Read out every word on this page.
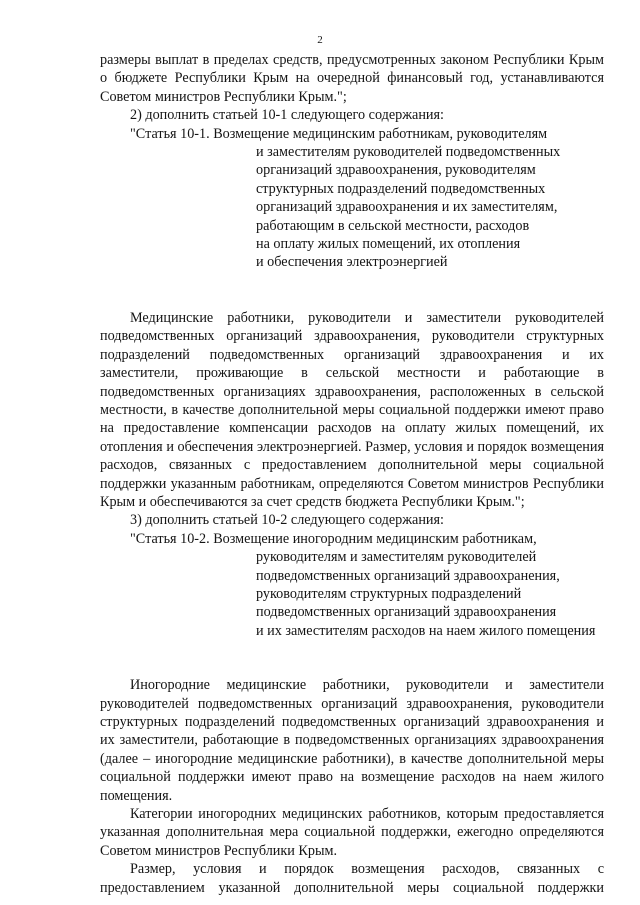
2

размеры выплат в пределах средств, предусмотренных законом Республики Крым о бюджете Республики Крым на очередной финансовый год, устанавливаются Советом министров Республики Крым.";

2) дополнить статьей 10-1 следующего содержания:

"Статья 10-1. Возмещение медицинским работникам, руководителям
и заместителям руководителей подведомственных
организаций здравоохранения, руководителям
структурных подразделений подведомственных
организаций здравоохранения и их заместителям,
работающим в сельской местности, расходов
на оплату жилых помещений, их отопления
и обеспечения электроэнергией

Медицинские работники, руководители и заместители руководителей подведомственных организаций здравоохранения, руководители структурных подразделений подведомственных организаций здравоохранения и их заместители, проживающие в сельской местности и работающие в подведомственных организациях здравоохранения, расположенных в сельской местности, в качестве дополнительной меры социальной поддержки имеют право на предоставление компенсации расходов на оплату жилых помещений, их отопления и обеспечения электроэнергией. Размер, условия и порядок возмещения расходов, связанных с предоставлением дополнительной меры социальной поддержки указанным работникам, определяются Советом министров Республики Крым и обеспечиваются за счет средств бюджета Республики Крым.";

3) дополнить статьей 10-2 следующего содержания:

"Статья 10-2. Возмещение иногородним медицинским работникам,
руководителям и заместителям руководителей
подведомственных организаций здравоохранения,
руководителям структурных подразделений
подведомственных организаций здравоохранения
и их заместителям расходов на наем жилого помещения

Иногородние медицинские работники, руководители и заместители руководителей подведомственных организаций здравоохранения, руководители структурных подразделений подведомственных организаций здравоохранения и их заместители, работающие в подведомственных организациях здравоохранения (далее – иногородние медицинские работники), в качестве дополнительной меры социальной поддержки имеют право на возмещение расходов на наем жилого помещения.

Категории иногородних медицинских работников, которым предоставляется указанная дополнительная мера социальной поддержки, ежегодно определяются Советом министров Республики Крым.

Размер, условия и порядок возмещения расходов, связанных с предоставлением указанной дополнительной меры социальной поддержки
